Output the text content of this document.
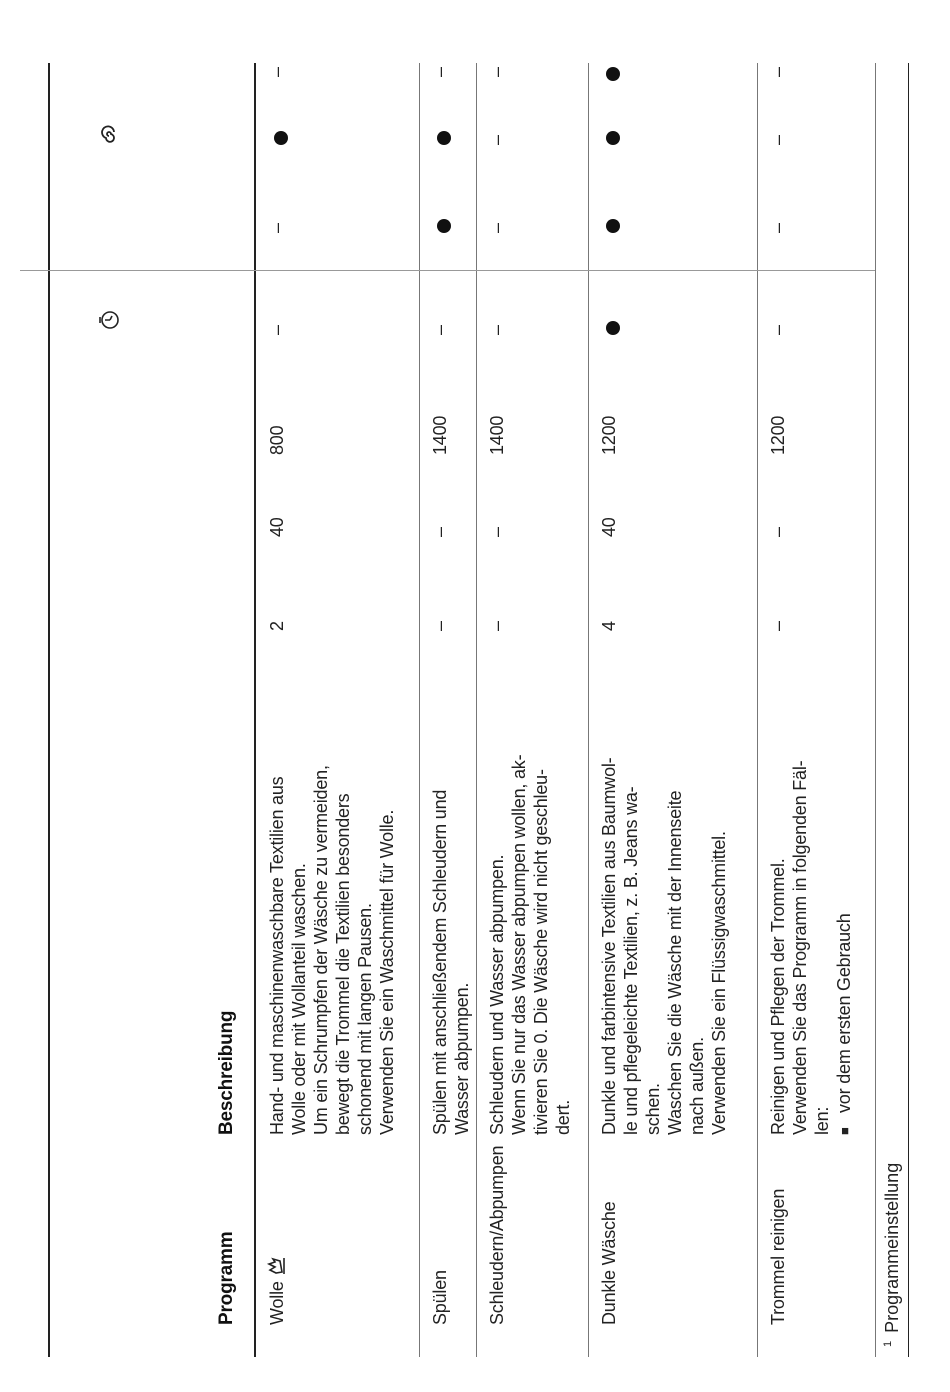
Programm
Beschreibung
Wolle
Hand- und maschinenwaschbare Textilien aus Wolle oder mit Wollanteil waschen. Um ein Schrumpfen der Wäsche zu vermeiden, bewegt die Trommel die Textilien besonders schonend mit langen Pausen. Verwenden Sie ein Waschmittel für Wolle.
2
40
800
–
–
–
Spülen
Spülen mit anschließendem Schleudern und Wasser abpumpen.
–
–
1400
–
–
Schleudern/Abpumpen
Schleudern und Wasser abpumpen. Wenn Sie nur das Wasser abpumpen wollen, ak- tivieren Sie 0. Die Wäsche wird nicht geschleu- dert.
–
–
1400
–
–
–
–
Dunkle Wäsche
Dunkle und farbintensive Textilien aus Baumwol- le und pflegeleichte Textilien, z. B. Jeans wa- schen. Waschen Sie die Wäsche mit der Innenseite nach außen. Verwenden Sie ein Flüssigwaschmittel.
4
40
1200
Trommel reinigen
Reinigen und Pflegen der Trommel. Verwenden Sie das Programm in folgenden Fäl- len:
■ vor dem ersten Gebrauch
–
–
1200
–
–
–
–
$^1$Programmeinstellung
